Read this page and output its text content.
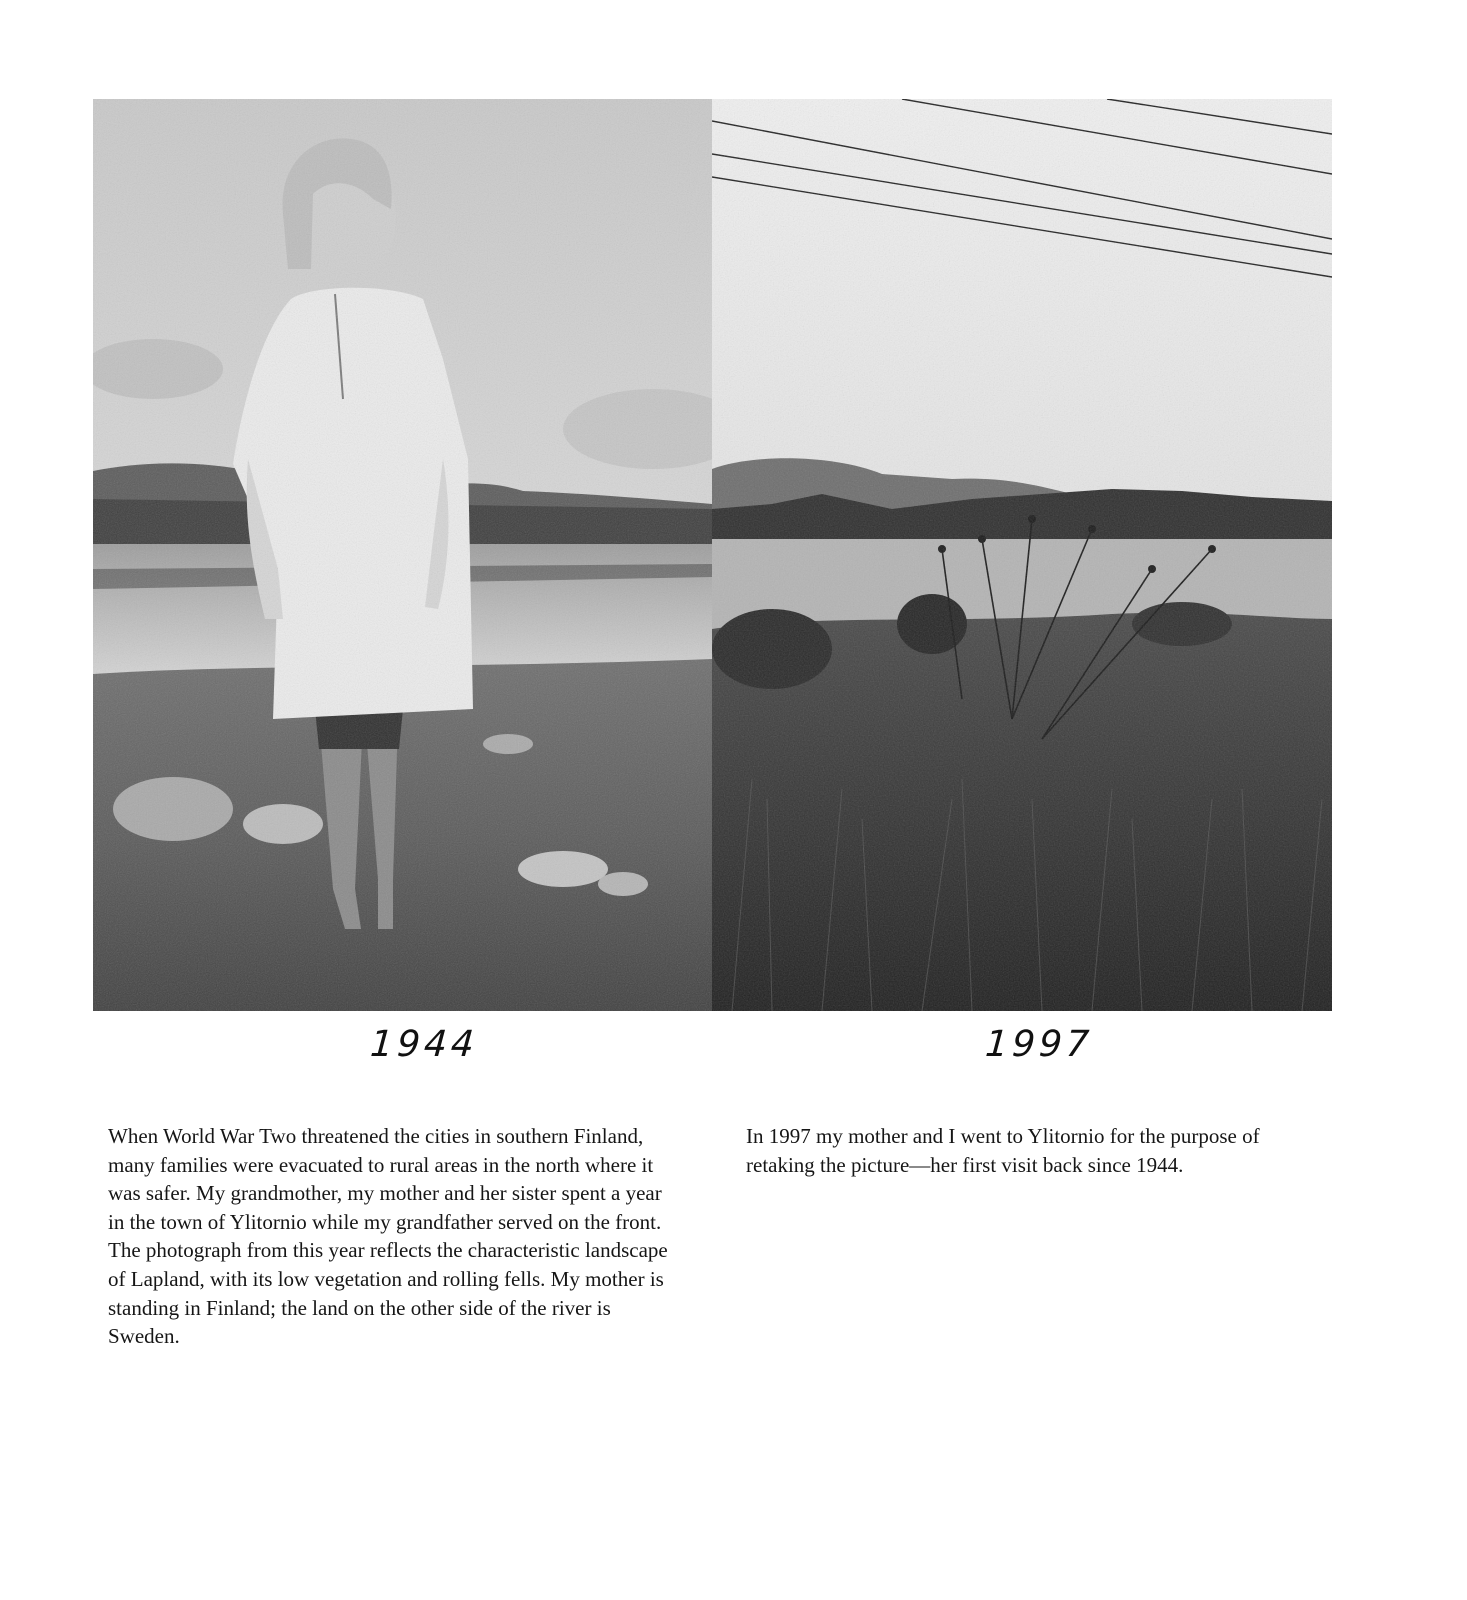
1944	1997

When World War Two threatened the cities in southern Finland, many families were evacuated to rural areas in the north where it was safer. My grandmother, my mother and her sister spent a year in the town of Ylitornio while my grandfather served on the front. The photograph from this year reflects the characteristic landscape of Lapland, with its low vegetation and rolling fells. My mother is standing in Finland; the land on the other side of the river is Sweden.

In 1997 my mother and I went to Ylitornio for the purpose of retaking the picture—her first visit back since 1944.
